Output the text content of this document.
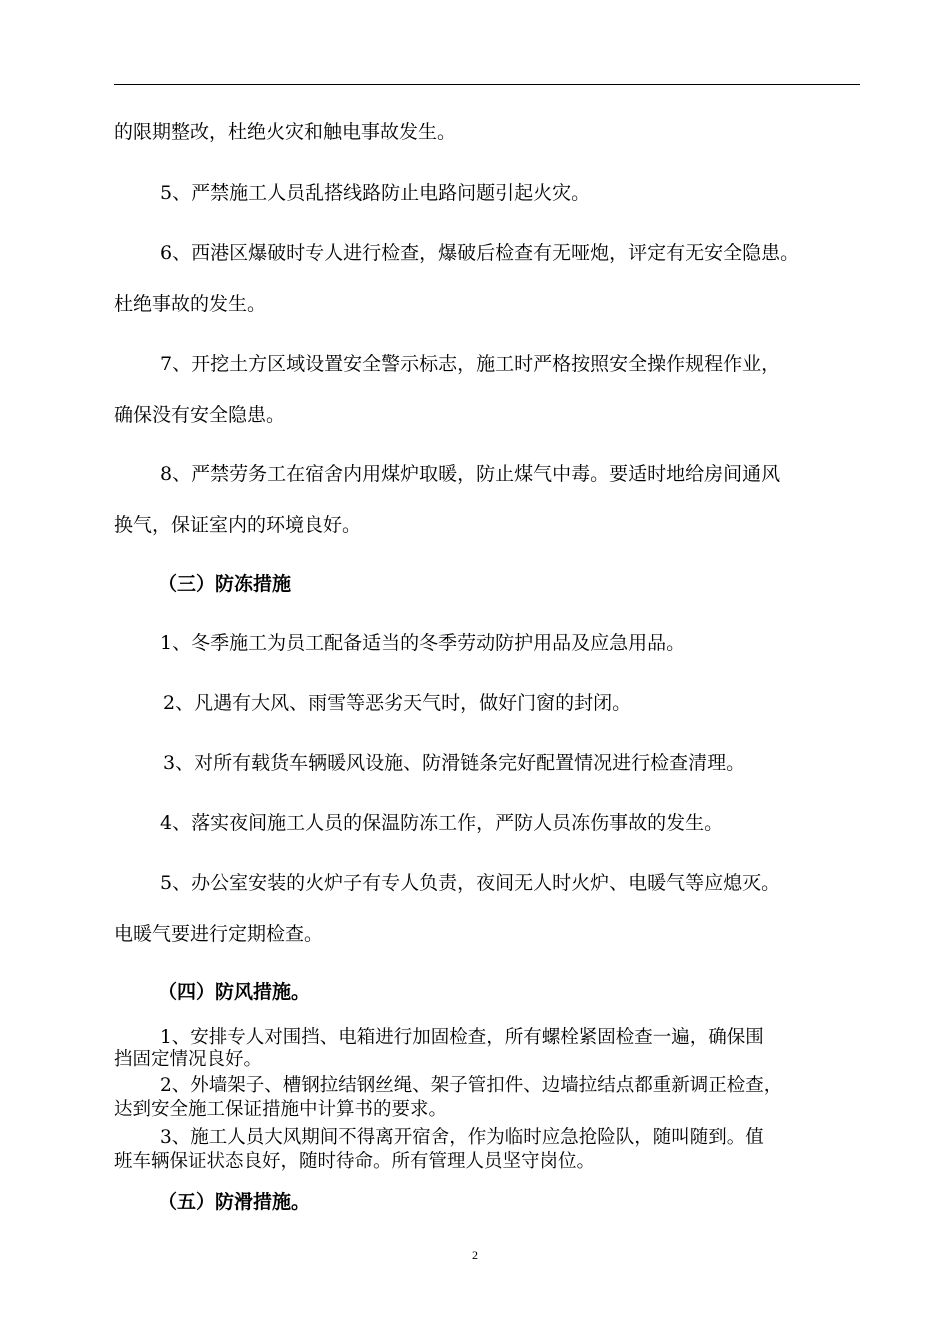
的限期整改，杜绝火灾和触电事故发生。
5、严禁施工人员乱搭线路防止电路问题引起火灾。
6、西港区爆破时专人进行检查，爆破后检查有无哑炮，评定有无安全隐患。
杜绝事故的发生。
7、开挖土方区域设置安全警示标志，施工时严格按照安全操作规程作业，
确保没有安全隐患。
8、严禁劳务工在宿舍内用煤炉取暖，防止煤气中毒。要适时地给房间通风
换气，保证室内的环境良好。
（三）防冻措施
1、冬季施工为员工配备适当的冬季劳动防护用品及应急用品。
2、凡遇有大风、雨雪等恶劣天气时，做好门窗的封闭。
3、对所有载货车辆暖风设施、防滑链条完好配置情况进行检查清理。
4、落实夜间施工人员的保温防冻工作，严防人员冻伤事故的发生。
5、办公室安装的火炉子有专人负责，夜间无人时火炉、电暖气等应熄灭。
电暖气要进行定期检查。
（四）防风措施。
1、安排专人对围挡、电箱进行加固检查，所有螺栓紧固检查一遍，确保围
挡固定情况良好。
2、外墙架子、槽钢拉结钢丝绳、架子管扣件、边墙拉结点都重新调正检查，
达到安全施工保证措施中计算书的要求。
3、施工人员大风期间不得离开宿舍，作为临时应急抢险队，随叫随到。值
班车辆保证状态良好，随时待命。所有管理人员坚守岗位。
（五）防滑措施。
2
